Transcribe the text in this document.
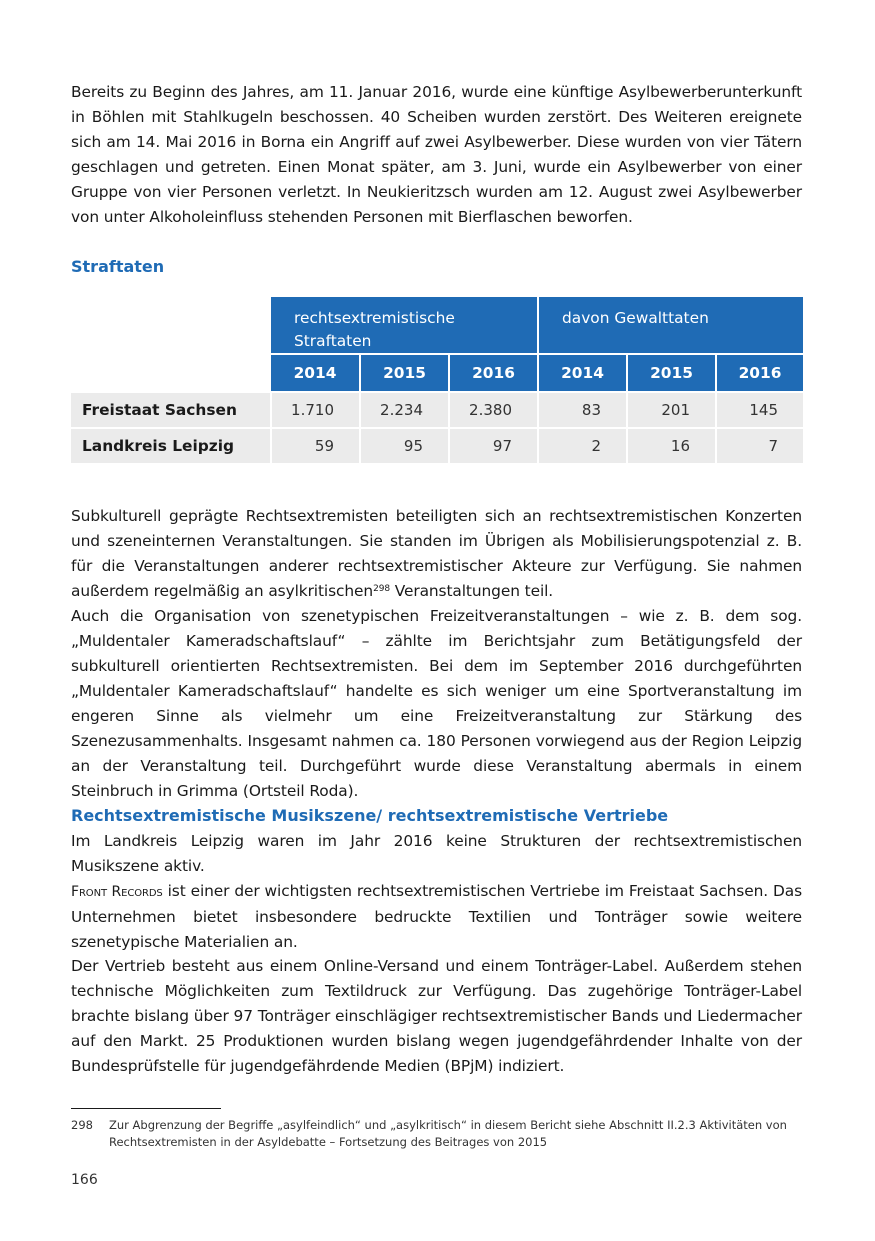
Bereits zu Beginn des Jahres, am 11. Januar 2016, wurde eine künftige Asylbewerberunterkunft in Böhlen mit Stahlkugeln beschossen. 40 Scheiben wurden zerstört. Des Weiteren ereignete sich am 14. Mai 2016 in Borna ein Angriff auf zwei Asylbewerber. Diese wurden von vier Tätern geschlagen und getreten. Einen Monat später, am 3. Juni, wurde ein Asylbewerber von einer Gruppe von vier Personen verletzt. In Neukieritzsch wurden am 12. August zwei Asylbewerber von unter Alkoholeinfluss stehenden Personen mit Bierflaschen beworfen.

Straftaten
	rechtsextremistische Straftaten			davon Gewalttaten		
	2014	2015	2016	2014	2015	2016
Freistaat Sachsen	1.710	2.234	2.380	83	201	145
Landkreis Leipzig	59	95	97	2	16	7

Subkulturell geprägte Rechtsextremisten beteiligten sich an rechtsextremistischen Konzerten und szeneinternen Veranstaltungen. Sie standen im Übrigen als Mobilisierungspotenzial z. B. für die Veranstaltungen anderer rechtsextremistischer Akteure zur Verfügung. Sie nahmen außerdem regelmäßig an asylkritischen$^{298}$ Veranstaltungen teil.

Auch die Organisation von szenetypischen Freizeitveranstaltungen – wie z. B. dem sog. „Muldentaler Kameradschaftslauf“ – zählte im Berichtsjahr zum Betätigungsfeld der subkulturell orientierten Rechtsextremisten. Bei dem im September 2016 durchgeführten „Muldentaler Kameradschaftslauf“ handelte es sich weniger um eine Sportveranstaltung im engeren Sinne als vielmehr um eine Freizeitveranstaltung zur Stärkung des Szenezusammenhalts. Insgesamt nahmen ca. 180 Personen vorwiegend aus der Region Leipzig an der Veranstaltung teil. Durchgeführt wurde diese Veranstaltung abermals in einem Steinbruch in Grimma (Ortsteil Roda).

Rechtsextremistische Musikszene/ rechtsextremistische Vertriebe

Im Landkreis Leipzig waren im Jahr 2016 keine Strukturen der rechtsextremistischen Musikszene aktiv.

Front Records ist einer der wichtigsten rechtsextremistischen Vertriebe im Freistaat Sachsen. Das Unternehmen bietet insbesondere bedruckte Textilien und Tonträger sowie weitere szenetypische Materialien an.

Der Vertrieb besteht aus einem Online-Versand und einem Tonträger-Label. Außerdem stehen technische Möglichkeiten zum Textildruck zur Verfügung. Das zugehörige Tonträger-Label brachte bislang über 97 Tonträger einschlägiger rechtsextremistischer Bands und Liedermacher auf den Markt. 25 Produktionen wurden bislang wegen jugendgefährdender Inhalte von der Bundesprüfstelle für jugendgefährdende Medien (BPjM) indiziert.

298 Zur Abgrenzung der Begriffe „asylfeindlich“ und „asylkritisch“ in diesem Bericht siehe Abschnitt II.2.3 Aktivitäten von Rechtsextremisten in der Asyldebatte – Fortsetzung des Beitrages von 2015
166
